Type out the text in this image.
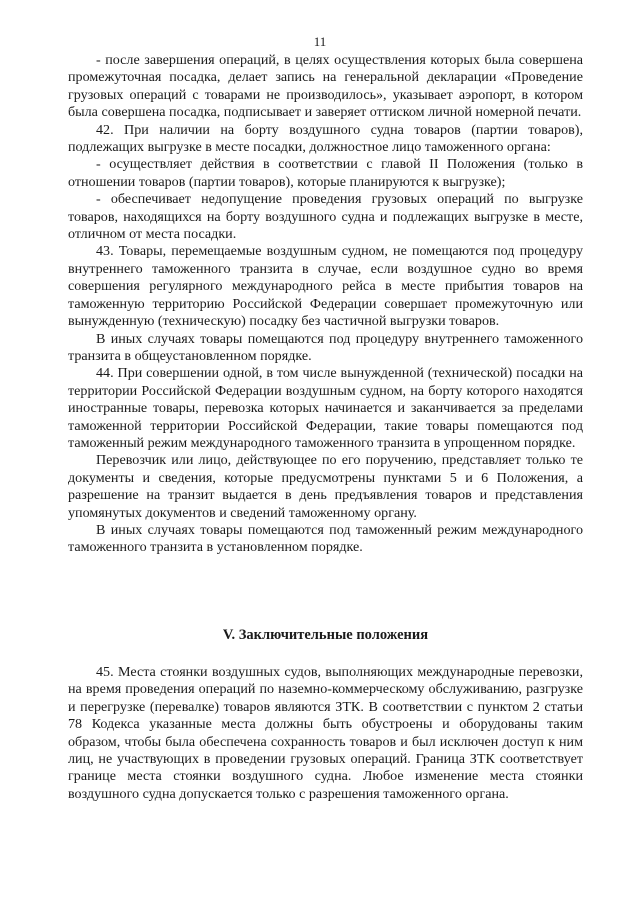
11

- после завершения операций, в целях осуществления которых была совершена промежуточная посадка, делает запись на генеральной декларации «Проведение грузовых операций с товарами не производилось», указывает аэропорт, в котором была совершена посадка, подписывает и заверяет оттиском личной номерной печати.

42. При наличии на борту воздушного судна товаров (партии товаров), подлежащих выгрузке в месте посадки, должностное лицо таможенного органа:

- осуществляет действия в соответствии с главой II Положения (только в отношении товаров (партии товаров), которые планируются к выгрузке);

- обеспечивает недопущение проведения грузовых операций по выгрузке товаров, находящихся на борту воздушного судна и подлежащих выгрузке в месте, отличном от места посадки.

43. Товары, перемещаемые воздушным судном, не помещаются под процедуру внутреннего таможенного транзита в случае, если воздушное судно во время совершения регулярного международного рейса в месте прибытия товаров на таможенную территорию Российской Федерации совершает промежуточную или вынужденную (техническую) посадку без частичной выгрузки товаров.

В иных случаях товары помещаются под процедуру внутреннего таможенного транзита в общеустановленном порядке.

44. При совершении одной, в том числе вынужденной (технической) посадки на территории Российской Федерации воздушным судном, на борту которого находятся иностранные товары, перевозка которых начинается и заканчивается за пределами таможенной территории Российской Федерации, такие товары помещаются под таможенный режим международного таможенного транзита в упрощенном порядке.

Перевозчик или лицо, действующее по его поручению, представляет только те документы и сведения, которые предусмотрены пунктами 5 и 6 Положения, а разрешение на транзит выдается в день предъявления товаров и представления упомянутых документов и сведений таможенному органу.

В иных случаях товары помещаются под таможенный режим международного таможенного транзита в установленном порядке.

V. Заключительные положения

45. Места стоянки воздушных судов, выполняющих международные перевозки, на время проведения операций по наземно-коммерческому обслуживанию, разгрузке и перегрузке (перевалке) товаров являются ЗТК. В соответствии с пунктом 2 статьи 78 Кодекса указанные места должны быть обустроены и оборудованы таким образом, чтобы была обеспечена сохранность товаров и был исключен доступ к ним лиц, не участвующих в проведении грузовых операций. Граница ЗТК соответствует границе места стоянки воздушного судна. Любое изменение места стоянки воздушного судна допускается только с разрешения таможенного органа.
